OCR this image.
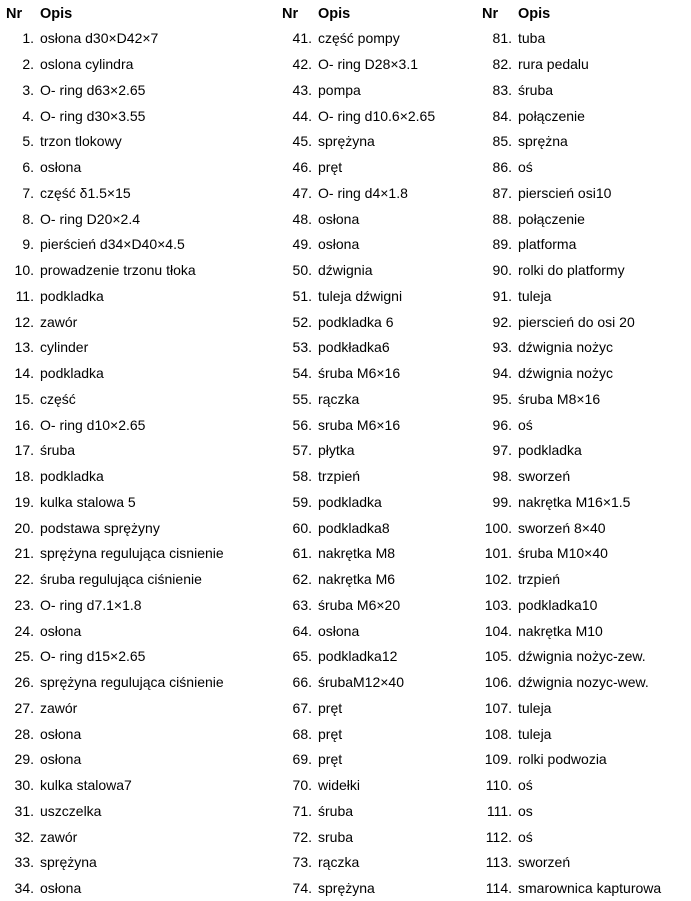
Nr	Opis
1. osłona d30×D42×7
2. oslona cylindra
3. O- ring d63×2.65
4. O- ring d30×3.55
5. trzon tlokowy
6. osłona
7. część δ1.5×15
8. O- ring D20×2.4
9. pierścień d34×D40×4.5
10. prowadzenie trzonu tłoka
11. podkladka
12. zawór
13. cylinder
14. podkladka
15. część
16. O- ring d10×2.65
17. śruba
18. podkladka
19. kulka stalowa 5
20. podstawa sprężyny
21. sprężyna regulująca cisnienie
22. śruba regulująca ciśnienie
23. O- ring d7.1×1.8
24. osłona
25. O- ring d15×2.65
26. sprężyna regulująca ciśnienie
27. zawór
28. osłona
29. osłona
30. kulka stalowa7
31. uszczelka
32. zawór
33. sprężyna
34. osłona
Nr	Opis
41. część pompy
42. O- ring D28×3.1
43. pompa
44. O- ring d10.6×2.65
45. sprężyna
46. pręt
47. O- ring d4×1.8
48. osłona
49. osłona
50. dźwignia
51. tuleja dźwigni
52. podkladka 6
53. podkładka6
54. śruba M6×16
55. rączka
56. sruba M6×16
57. płytka
58. trzpień
59. podkladka
60. podkladka8
61. nakrętka M8
62. nakrętka M6
63. śruba M6×20
64. osłona
65. podkladka12
66. śrubaM12×40
67. pręt
68. pręt
69. pręt
70. widełki
71. śruba
72. sruba
73. rączka
74. sprężyna
Nr	Opis
81. tuba
82. rura pedalu
83. śruba
84. połączenie
85. sprężna
86. oś
87. pierscień osi10
88. połączenie
89. platforma
90. rolki do platformy
91. tuleja
92. pierscień do osi 20
93. dźwignia nożyc
94. dźwignia nożyc
95. śruba M8×16
96. oś
97. podkladka
98. sworzeń
99. nakrętka M16×1.5
100. sworzeń 8×40
101. śruba M10×40
102. trzpień
103. podkladka10
104. nakrętka M10
105. dźwignia nożyc-zew.
106. dźwignia nozyc-wew.
107. tuleja
108. tuleja
109. rolki podwozia
110. oś
111. os
112. oś
113. sworzeń
114. smarownica kapturowa
